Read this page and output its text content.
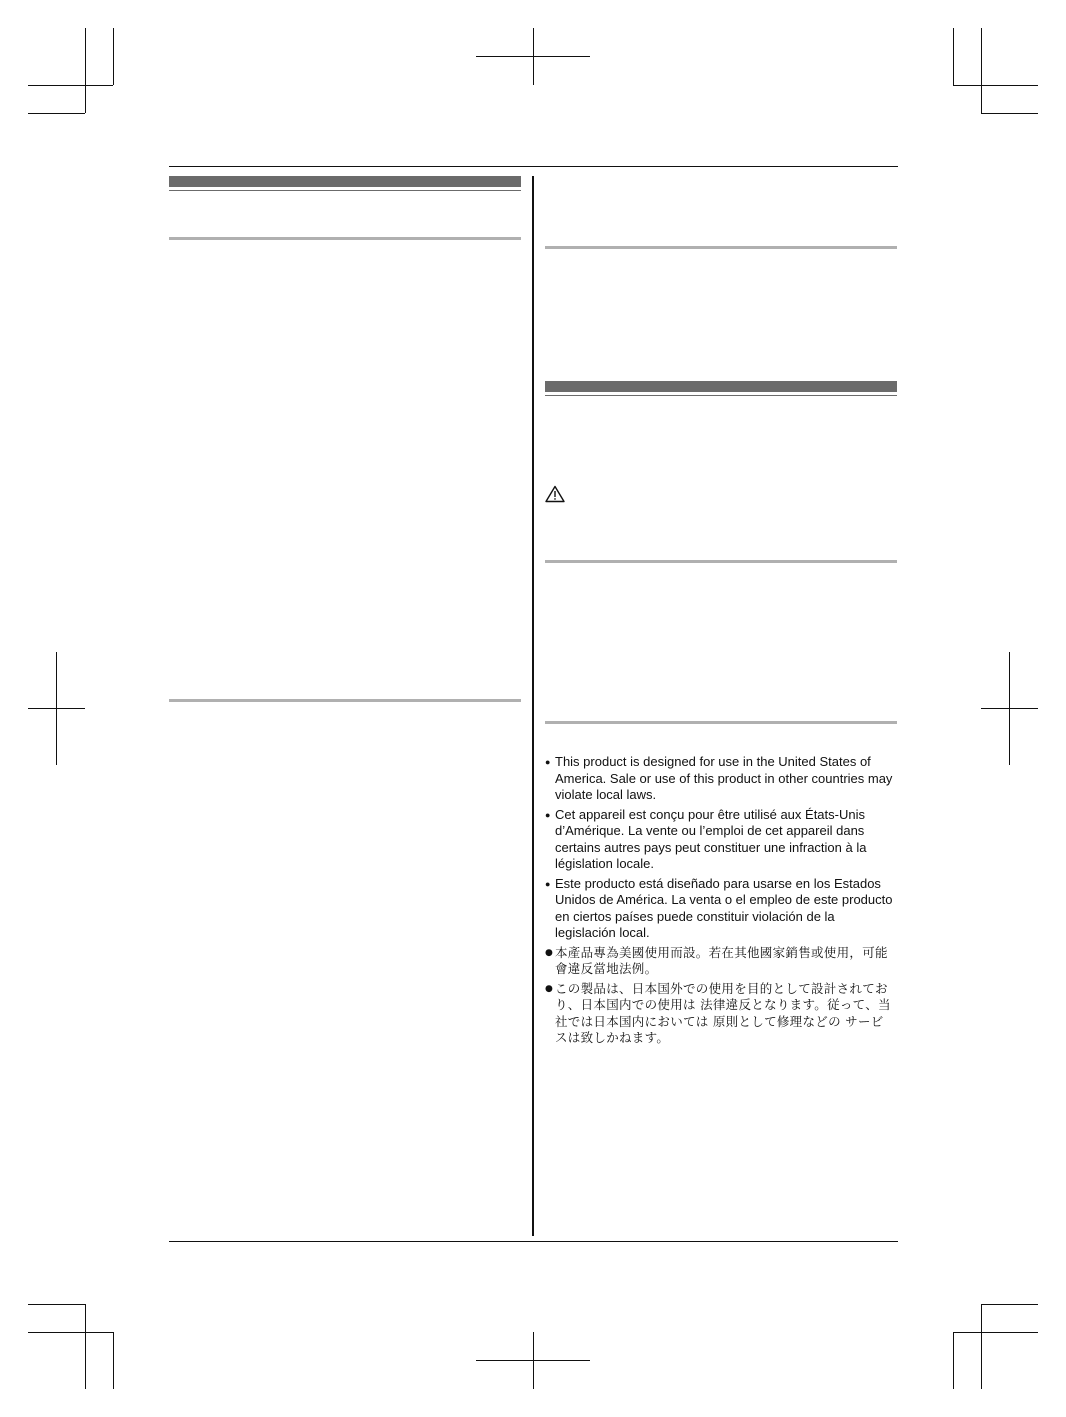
● This product is designed for use in the United States of America. Sale or use of this product in other countries may violate local laws.
● Cet appareil est conçu pour être utilisé aux États-Unis d’Amérique. La vente ou l’emploi de cet appareil dans certains autres pays peut constituer une infraction à la législation locale.
● Este producto está diseñado para usarse en los Estados Unidos de América. La venta o el empleo de este producto en ciertos países puede constituir violación de la legislación local.
● 本產品專為美國使用而設。若在其他國家銷售或使用，可能會違反當地法例。
● この製品は、日本国外での使用を目的として設計されており、日本国内での使用は 法律違反となります。従って、当社では日本国内においては 原則として修理などの サービスは致しかねます。
